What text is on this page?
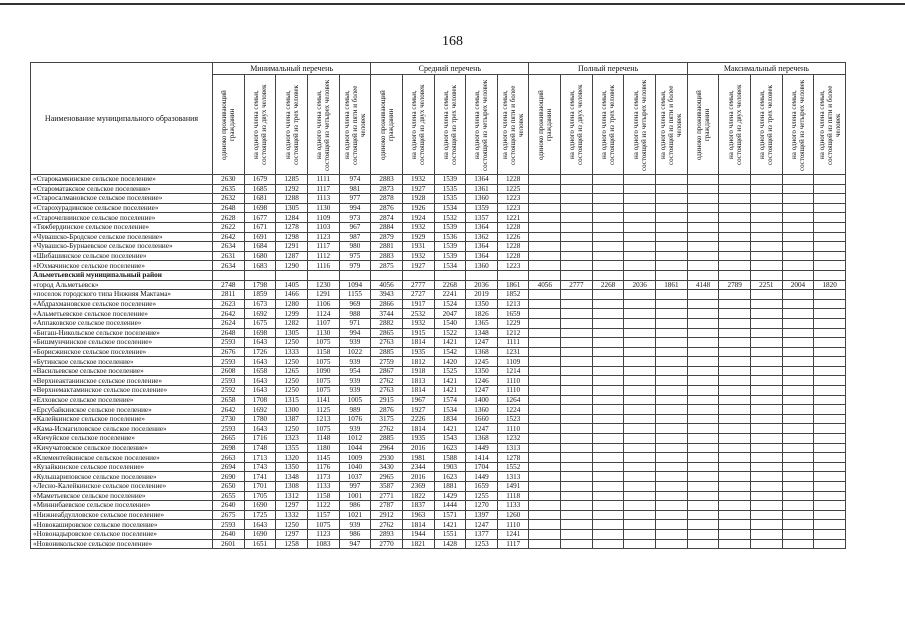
168
Наименование муниципального образования	Минимальный перечень					Средний перечень					Полный перечень					Максимальный перечень				

	одиноко проживающий гражданин	на одного члена семьи, состоящей из двух человек	на одного члена семьи, состоящей из трех человек	на одного члена семьи, состоящей из четырех человек	на одного члена семьи, состоящей из пяти и более человек	одиноко проживающий гражданин	на одного члена семьи, состоящей из двух человек	на одного члена семьи, состоящей из трех человек	на одного члена семьи, состоящей из четырех человек	на одного члена семьи, состоящей из пяти и более человек	одиноко проживающий гражданин	на одного члена семьи, состоящей из двух человек	на одного члена семьи, состоящей из трех человек	на одного члена семьи, состоящей из четырех человек	на одного члена семьи, состоящей из пяти и более человек	одиноко проживающий гражданин	на одного члена семьи, состоящей из двух человек	на одного члена семьи, состоящей из трех человек	на одного члена семьи, состоящей из четырех человек	на одного члена семьи, состоящей из пяти и более человек

«Старокамкинское сельское поселение»	2630	1679	1285	1111	974	2883	1932	1539	1364	1228										
«Староматакское сельское поселение»	2635	1685	1292	1117	981	2873	1927	1535	1361	1225										
«Старосалмановское сельское поселение»	2632	1681	1288	1113	977	2878	1928	1535	1360	1223										
«Старохурадинское сельское поселение»	2648	1698	1305	1130	994	2876	1926	1534	1359	1223										
«Старочелнинское сельское поселение»	2628	1677	1284	1109	973	2874	1924	1532	1357	1221										
«Тяжбердинское сельское поселение»	2622	1671	1278	1103	967	2884	1932	1539	1364	1228										
«Чувашско-Бродское сельское поселение»	2642	1691	1298	1123	987	2879	1929	1536	1362	1226										
«Чувашско-Бурнаевское сельское поселение»	2634	1684	1291	1117	980	2881	1931	1539	1364	1228										
«Шибашинское сельское поселение»	2631	1680	1287	1112	975	2883	1932	1539	1364	1228										
«Юхмачинское сельское поселение»	2634	1683	1290	1116	979	2875	1927	1534	1360	1223										
Альметьевский муниципальный район																				
«город Альметьевск»	2748	1798	1405	1230	1094	4056	2777	2268	2036	1861	4056	2777	2268	2036	1861	4148	2789	2251	2004	1820
«поселок городского типа Нижняя Мактама»	2811	1859	1466	1291	1155	3943	2727	2241	2019	1852										
«Абдрахмановское сельское поселение»	2623	1673	1280	1106	969	2866	1917	1524	1350	1213										
«Альметьевское сельское поселение»	2642	1692	1299	1124	988	3744	2532	2047	1826	1659										
«Аппаковское сельское поселение»	2624	1675	1282	1107	971	2882	1932	1540	1365	1229										
«Бигаш-Никольское сельское поселение»	2648	1698	1305	1130	994	2865	1915	1522	1348	1212										
«Бишмунчинское сельское поселение»	2593	1643	1250	1075	939	2763	1814	1421	1247	1111										
«Борисжинское сельское поселение»	2676	1726	1333	1158	1022	2885	1935	1542	1368	1231										
«Бутинское сельское поселение»	2593	1643	1250	1075	939	2759	1812	1420	1245	1109										
«Васильевское сельское поселение»	2608	1658	1265	1090	954	2867	1918	1525	1350	1214										
«Верхнеактанинское сельское поселение»	2593	1643	1250	1075	939	2762	1813	1421	1246	1110										
«Верхнемактаминское сельское поселение»	2592	1643	1250	1075	939	2763	1814	1421	1247	1110										
«Елховское сельское поселение»	2658	1708	1315	1141	1005	2915	1967	1574	1400	1264										
«Ерсубайкинское сельское поселение»	2642	1692	1300	1125	989	2876	1927	1534	1360	1224										
«Калейкинское сельское поселение»	2730	1780	1387	1213	1076	3175	2226	1834	1660	1523										
«Кама-Исмагиловское сельское поселение»	2593	1643	1250	1075	939	2762	1814	1421	1247	1110										
«Кичуйское сельское поселение»	2665	1716	1323	1148	1012	2885	1935	1543	1368	1232										
«Кичучатовское сельское поселение»	2698	1748	1355	1180	1044	2964	2016	1623	1449	1313										
«Клементейкинское сельское поселение»	2663	1713	1320	1145	1009	2930	1981	1588	1414	1278										
«Кузайкинское сельское поселение»	2694	1743	1350	1176	1040	3430	2344	1903	1704	1552										
«Кульшариповское сельское поселение»	2690	1741	1348	1173	1037	2965	2016	1623	1449	1313										
«Лесно-Калейкинское сельское поселение»	2650	1701	1308	1133	997	3587	2369	1881	1659	1491										
«Маметьевское сельское поселение»	2655	1705	1312	1158	1001	2771	1822	1429	1255	1118										
«Миннибаевское сельское поселение»	2640	1690	1297	1122	986	2787	1837	1444	1270	1133										
«Нижнеабдулловское сельское поселение»	2675	1725	1332	1157	1021	2912	1963	1571	1397	1260										
«Новокашировское сельское поселение»	2593	1643	1250	1075	939	2762	1814	1421	1247	1110										
«Новонадыровское сельское поселение»	2640	1690	1297	1123	986	2893	1944	1551	1377	1241										
«Новоникольское сельское поселение»	2601	1651	1258	1083	947	2770	1821	1428	1253	1117										
